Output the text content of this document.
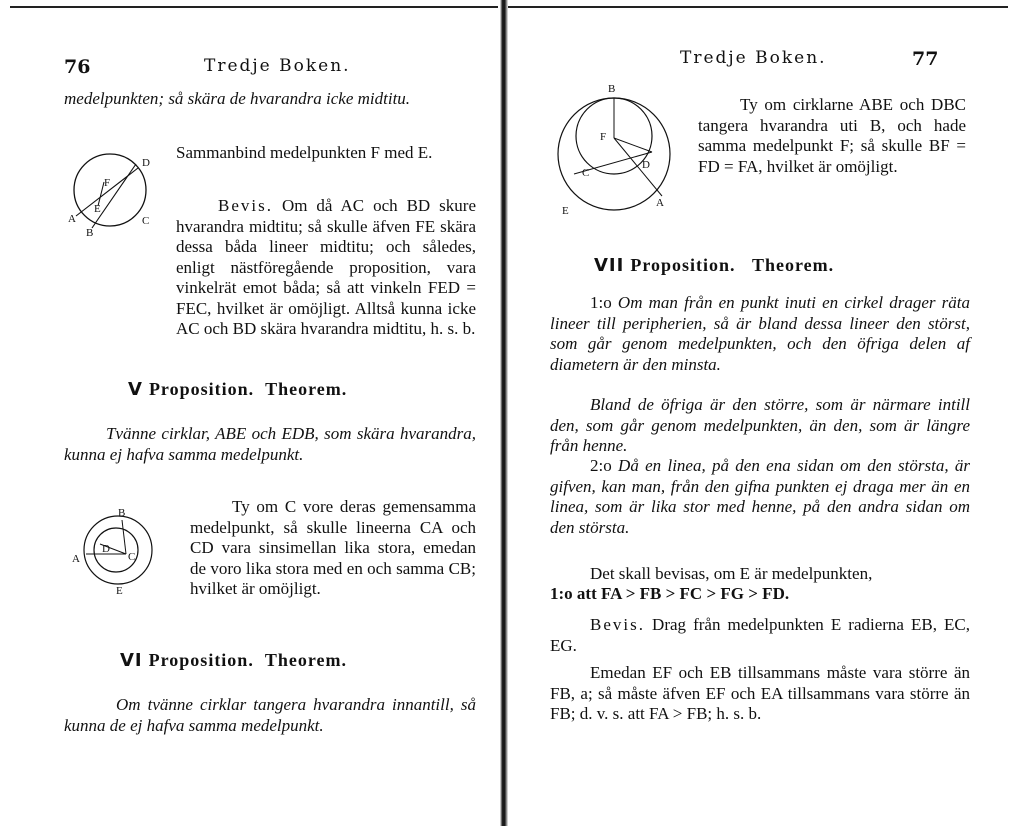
76	Tredje Boken.

medelpunkten; så skära de hvarandra icke midtitu.

D
F
A
E
B
C

Sammanbind medelpunkten F med E.

Bevis. Om då AC och BD skure hvarandra midtitu; så skulle äfven FE skära dessa båda lineer midtitu; och således, enligt nästföregående proposition, vara vinkelrät emot båda; så att vinkeln FED = FEC, hvilket är omöjligt. Alltså kunna icke AC och BD skära hvarandra midtitu, h. s. b.

V Proposition. Theorem.

Tvänne cirklar, ABE och EDB, som skära hvarandra, kunna ej hafva samma medelpunkt.

B
A
D
C
E

Ty om C vore deras gemensamma medelpunkt, så skulle lineerna CA och CD vara sinsimellan lika stora, emedan de voro lika stora med en och samma CB; hvilket är omöjligt.

VI Proposition. Theorem.

Om tvänne cirklar tangera hvarandra innantill, så kunna de ej hafva samma medelpunkt.

Tredje Boken.	77
B
F
C
D
E
A

Ty om cirklarne ABE och DBC tangera hvarandra uti B, och hade samma medelpunkt F; så skulle BF = FD = FA, hvilket är omöjligt.

VII Proposition. Theorem.

1:o Om man från en punkt inuti en cirkel drager räta lineer till peripherien, så är bland dessa lineer den störst, som går genom medelpunkten, och den öfriga delen af diametern är den minsta.

Bland de öfriga är den större, som är närmare intill den, som går genom medelpunkten, än den, som är längre från henne.

2:o Då en linea, på den ena sidan om den största, är gifven, kan man, från den gifna punkten ej draga mer än en linea, som är lika stor med henne, på den andra sidan om den största.

Det skall bevisas, om E är medelpunkten,

1:o att FA > FB > FC > FG > FD.

Bevis. Drag från medelpunkten E radierna EB, EC, EG.

Emedan EF och EB tillsammans måste vara större än FB, a; så måste äfven EF och EA tillsammans vara större än FB; d. v. s. att FA > FB; h. s. b.
